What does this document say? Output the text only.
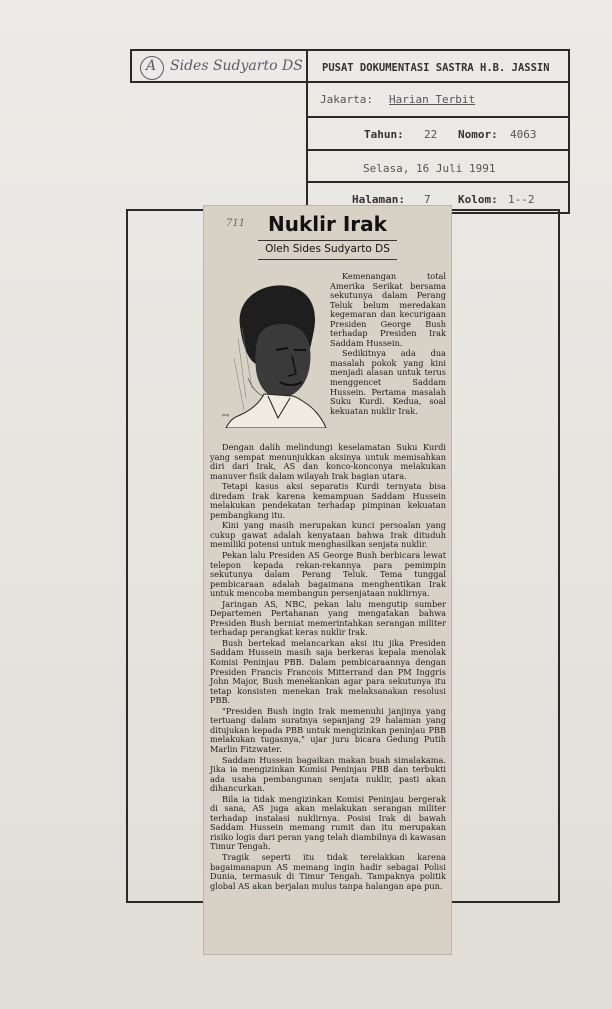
A Sides Sudyarto DS PUSAT DOKUMENTASI SASTRA H.B. JASSIN
Jakarta: Harian Terbit
Tahun: 22 Nomor: 4063
Selasa, 16 Juli 1991
Halaman: 7 Kolom: 1--2
711	Nuklir Irak
Oleh Sides Sudyarto DS
ᵖᵃᵍ

Kemenangan total Amerika Serikat bersama sekutunya dalam Perang Teluk belum meredakan kegemaran dan kecurigaan Presiden George Bush terhadap Presiden Irak Saddam Hussein.

Sedikitnya ada dua masalah pokok yang kini menjadi alasan untuk terus menggencet Saddam Hussein. Pertama masalah Suku Kurdi. Kedua, soal kekuatan nuklir Irak.

Dengan dalih melindungi keselamatan Suku Kurdi yang sempat menunjukkan aksinya untuk memisahkan diri dari Irak, AS dan konco-konconya melakukan manuver fisik dalam wilayah Irak bagian utara.

Tetapi kasus aksi separatis Kurdi ternyata bisa diredam Irak karena kemampuan Saddam Hussein melakukan pendekatan terhadap pimpinan kekuatan pembangkang itu.

Kini yang masih merupakan kunci persoalan yang cukup gawat adalah kenyataan bahwa Irak dituduh memiliki potensi untuk menghasilkan senjata nuklir.

Pekan lalu Presiden AS George Bush berbicara lewat telepon kepada rekan-rekannya para pemimpin sekutunya dalam Perang Teluk. Tema tunggal pembicaraan adalah bagaimana menghentikan Irak untuk mencoba membangun persenjataan nuklirnya.

Jaringan AS, NBC, pekan lalu mengutip sumber Departemen Pertahanan yang mengatakan bahwa Presiden Bush berniat memerintahkan serangan militer terhadap perangkat keras nuklir Irak.

Bush bertekad melancarkan aksi itu jika Presiden Saddam Hussein masih saja berkeras kepala menolak Komisi Peninjau PBB. Dalam pembicaraannya dengan Presiden Francis Francois Mitterrand dan PM Inggris John Major, Bush menekankan agar para sekutunya itu tetap konsisten menekan Irak melaksanakan resolusi PBB.

"Presiden Bush ingin Irak memenuhi janjinya yang tertuang dalam suratnya sepanjang 29 halaman yang ditujukan kepada PBB untuk mengizinkan peninjau PBB melakukan tugasnya," ujar juru bicara Gedung Putih Marlin Fitzwater.

Saddam Hussein bagaikan makan buah simalakama. Jika ia mengizinkan Komisi Peninjau PBB dan terbukti ada usaha pembangunan senjata nuklir, pasti akan dihancurkan.

Bila ia tidak mengizinkan Komisi Peninjau bergerak di sana, AS juga akan melakukan serangan militer terhadap instalasi nuklirnya. Posisi Irak di bawah Saddam Hussein memang rumit dan itu merupakan risiko logis dari peran yang telah diambilnya di kawasan Timur Tengah.

Tragik seperti itu tidak terelakkan karena bagaimanapun AS memang ingin hadir sebagai Polisi Dunia, termasuk di Timur Tengah. Tampaknya politik global AS akan berjalan mulus tanpa halangan apa pun.
